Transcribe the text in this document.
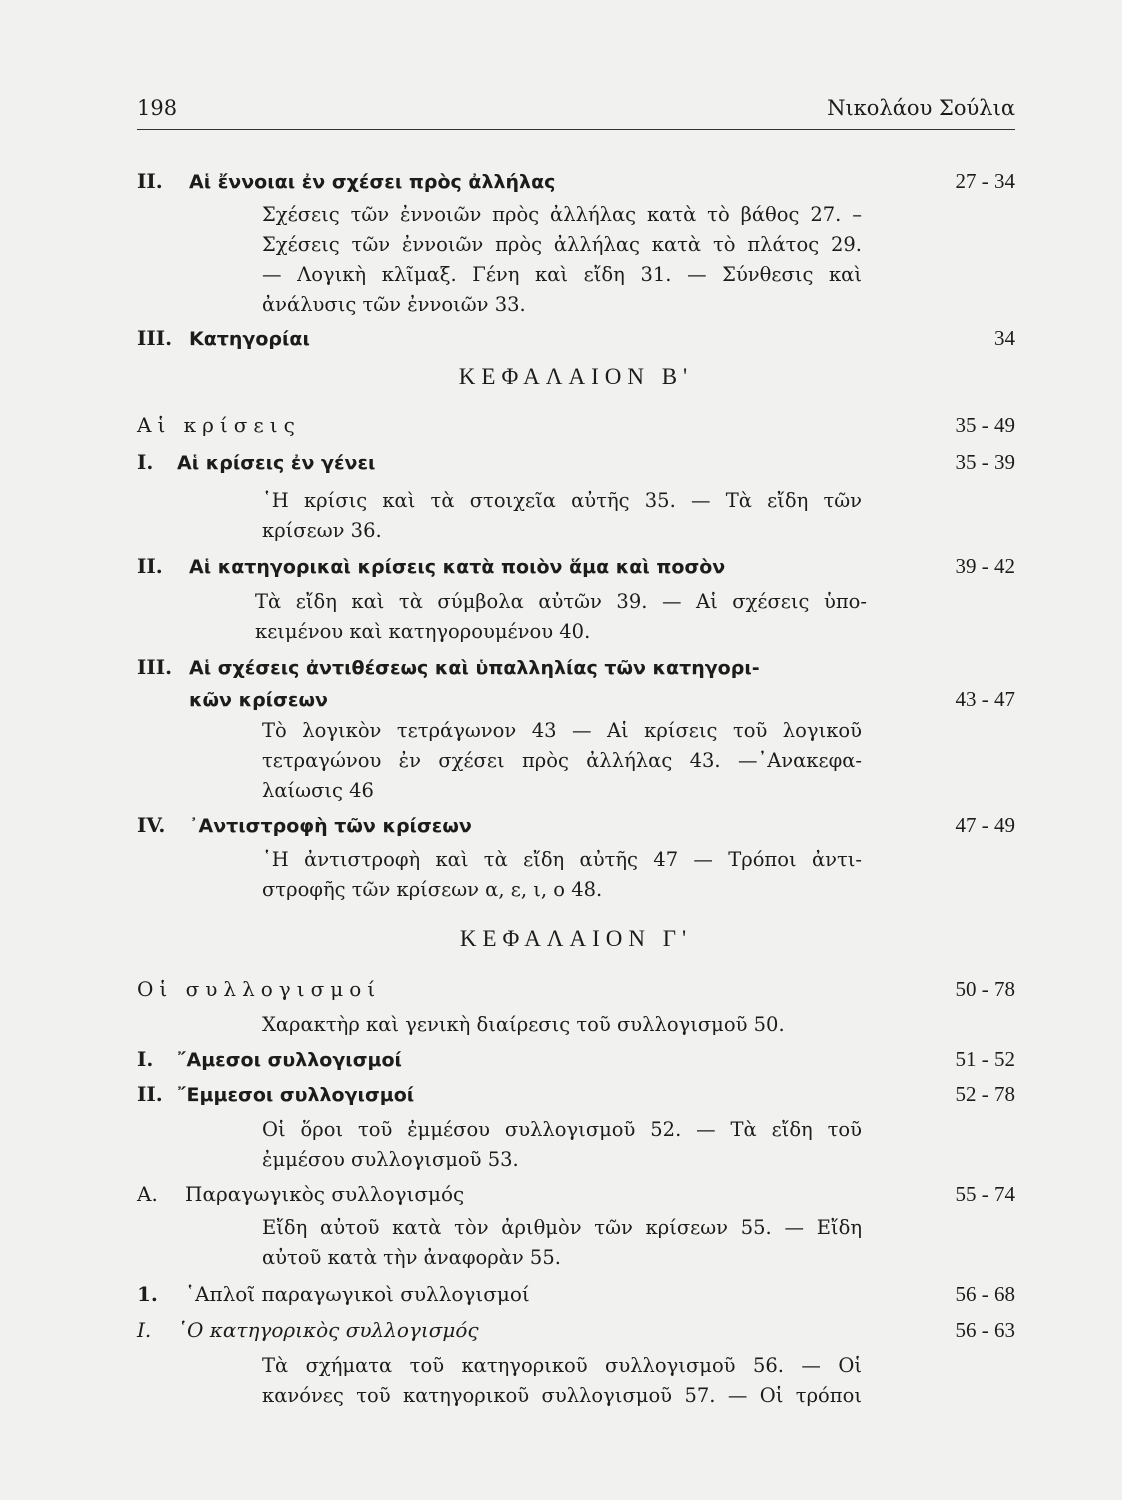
198	Νικολάου Σούλια
II. Αἱ ἔννοιαι ἐν σχέσει πρὸς ἀλλήλας	27 - 34
Σχέσεις τῶν ἐννοιῶν πρὸς ἀλλήλας κατὰ τὸ βάθος 27. –
Σχέσεις τῶν ἐννοιῶν πρὸς ἀλλήλας κατὰ τὸ πλάτος 29.
— Λογικὴ κλῖμαξ. Γένη καὶ εἴδη 31. — Σύνθεσις καὶ
ἀνάλυσις τῶν ἐννοιῶν 33.
III. Κατηγορίαι	34
ΚΕΦΑΛΑΙΟΝ Β'
Αἱ κρίσεις	35 - 49
I. Αἱ κρίσεις ἐν γένει	35 - 39
῾Η κρίσις καὶ τὰ στοιχεῖα αὐτῆς 35. — Τὰ εἴδη τῶν
κρίσεων 36.
II. Αἱ κατηγορικαὶ κρίσεις κατὰ ποιὸν ἅμα καὶ ποσὸν	39 - 42
Τὰ εἴδη καὶ τὰ σύμβολα αὐτῶν 39. — Αἱ σχέσεις ὑπο-
κειμένου καὶ κατηγορουμένου 40.
III. Αἱ σχέσεις ἀντιθέσεως καὶ ὑπαλληλίας τῶν κατηγορι-
κῶν κρίσεων	43 - 47
Τὸ λογικὸν τετράγωνον 43 — Αἱ κρίσεις τοῦ λογικοῦ
τετραγώνου ἐν σχέσει πρὸς ἀλλήλας 43. —᾿Ανακεφα-
λαίωσις 46
IV. ᾿Αντιστροφὴ τῶν κρίσεων	47 - 49
῾Η ἀντιστροφὴ καὶ τὰ εἴδη αὐτῆς 47 — Τρόποι ἀντι-
στροφῆς τῶν κρίσεων α, ε, ι, ο 48.
ΚΕΦΑΛΑΙΟΝ Γ'
Οἱ συλλογισμοί	50 - 78
Χαρακτὴρ καὶ γενικὴ διαίρεσις τοῦ συλλογισμοῦ 50.
I. ῎Αμεσοι συλλογισμοί	51 - 52
II. ῎Εμμεσοι συλλογισμοί	52 - 78
Οἱ ὅροι τοῦ ἐμμέσου συλλογισμοῦ 52. — Τὰ εἴδη τοῦ
ἐμμέσου συλλογισμοῦ 53.
A. Παραγωγικὸς συλλογισμός	55 - 74
Εἴδη αὐτοῦ κατὰ τὸν ἀριθμὸν τῶν κρίσεων 55. — Εἴδη
αὐτοῦ κατὰ τὴν ἀναφορὰν 55.
1. ῾Απλοῖ παραγωγικοὶ συλλογισμοί	56 - 68
I. ῾Ο κατηγορικὸς συλλογισμός	56 - 63
Τὰ σχήματα τοῦ κατηγορικοῦ συλλογισμοῦ 56. — Οἱ
κανόνες τοῦ κατηγορικοῦ συλλογισμοῦ 57. — Οἱ τρόποι
